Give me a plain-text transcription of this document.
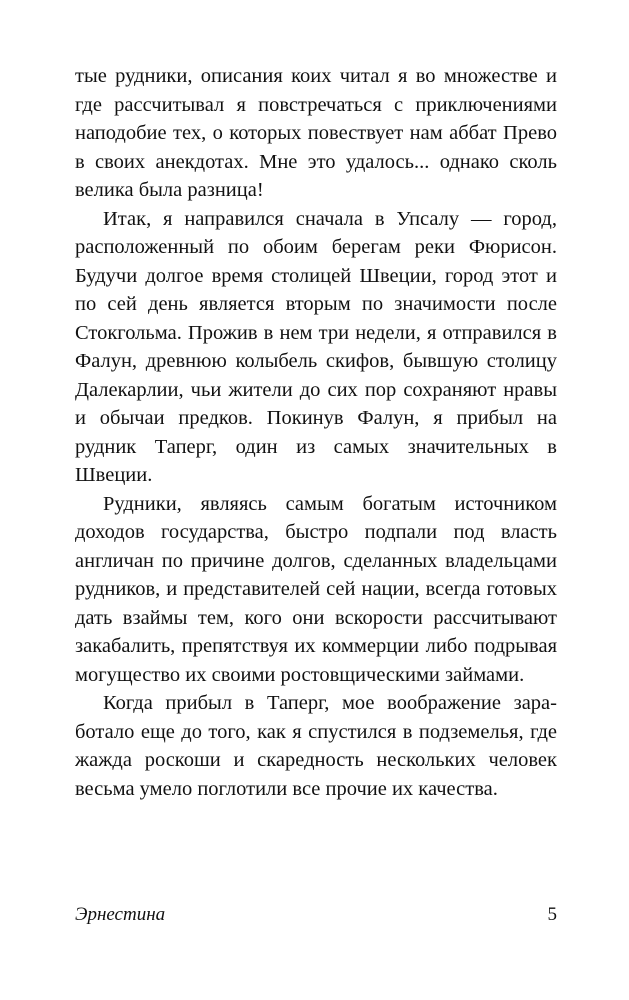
тые рудники, описания коих читал я во множестве и где рассчитывал я повстречаться с приключениями наподобие тех, о которых повествует нам аббат Прево в своих анекдотах. Мне это удалось... однако сколь велика была разница!

Итак, я направился сначала в Упсалу — город, расположенный по обоим берегам реки Фюрисон. Будучи долгое время столицей Швеции, город этот и по сей день является вторым по значимости после Стокгольма. Прожив в нем три недели, я отправился в Фалун, древнюю колыбель скифов, бывшую столицу Далекарлии, чьи жители до сих пор сохраняют нравы и обычаи предков. Покинув Фалун, я прибыл на рудник Таперг, один из самых значительных в Швеции.

Рудники, являясь самым богатым источником доходов государства, быстро подпали под власть англичан по причине долгов, сделанных владельцами рудников, и представителей сей нации, всегда готовых дать взаймы тем, кого они вскорости рассчитывают закабалить, препятствуя их коммерции либо подрывая могущество их своими ростовщическими займами.

Когда прибыл в Таперг, мое воображение заработало еще до того, как я спустился в подземелья, где жажда роскоши и скаредность нескольких человек весьма умело поглотили все прочие их качества.

Эрнестина	5
